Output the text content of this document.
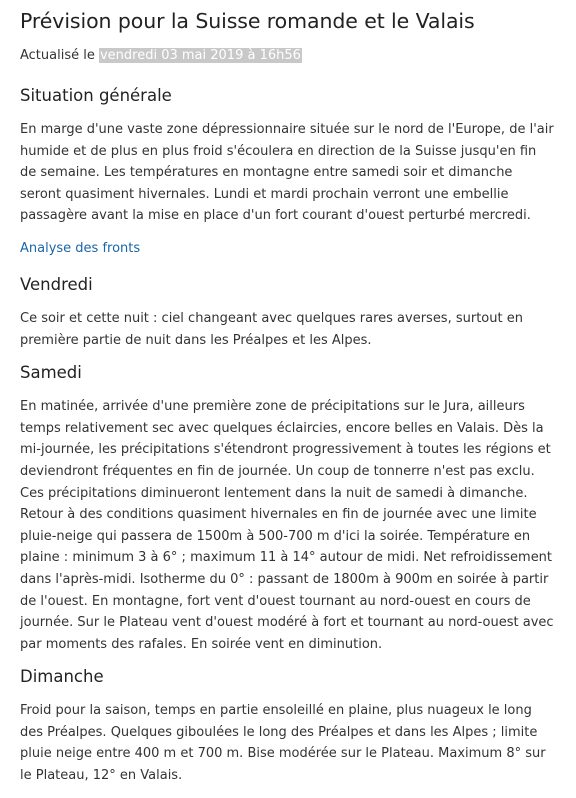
Prévision pour la Suisse romande et le Valais
Actualisé le vendredi 03 mai 2019 à 16h56
Situation générale

En marge d'une vaste zone dépressionnaire située sur le nord de l'Europe, de l'air humide et de plus en plus froid s'écoulera en direction de la Suisse jusqu'en fin de semaine. Les températures en montagne entre samedi soir et dimanche seront quasiment hivernales. Lundi et mardi prochain verront une embellie passagère avant la mise en place d'un fort courant d'ouest perturbé mercredi.

Analyse des fronts
Vendredi

Ce soir et cette nuit : ciel changeant avec quelques rares averses, surtout en première partie de nuit dans les Préalpes et les Alpes.

Samedi

En matinée, arrivée d'une première zone de précipitations sur le Jura, ailleurs temps relativement sec avec quelques éclaircies, encore belles en Valais. Dès la mi-journée, les précipitations s'étendront progressivement à toutes les régions et deviendront fréquentes en fin de journée. Un coup de tonnerre n'est pas exclu. Ces précipitations diminueront lentement dans la nuit de samedi à dimanche. Retour à des conditions quasiment hivernales en fin de journée avec une limite pluie-neige qui passera de 1500m à 500-700 m d'ici la soirée. Température en plaine : minimum 3 à 6° ; maximum 11 à 14° autour de midi. Net refroidissement dans l'après-midi. Isotherme du 0° : passant de 1800m à 900m en soirée à partir de l'ouest. En montagne, fort vent d'ouest tournant au nord-ouest en cours de journée. Sur le Plateau vent d'ouest modéré à fort et tournant au nord-ouest avec par moments des rafales. En soirée vent en diminution.

Dimanche

Froid pour la saison, temps en partie ensoleillé en plaine, plus nuageux le long des Préalpes. Quelques giboulées le long des Préalpes et dans les Alpes ; limite pluie neige entre 400 m et 700 m. Bise modérée sur le Plateau. Maximum 8° sur le Plateau, 12° en Valais.
